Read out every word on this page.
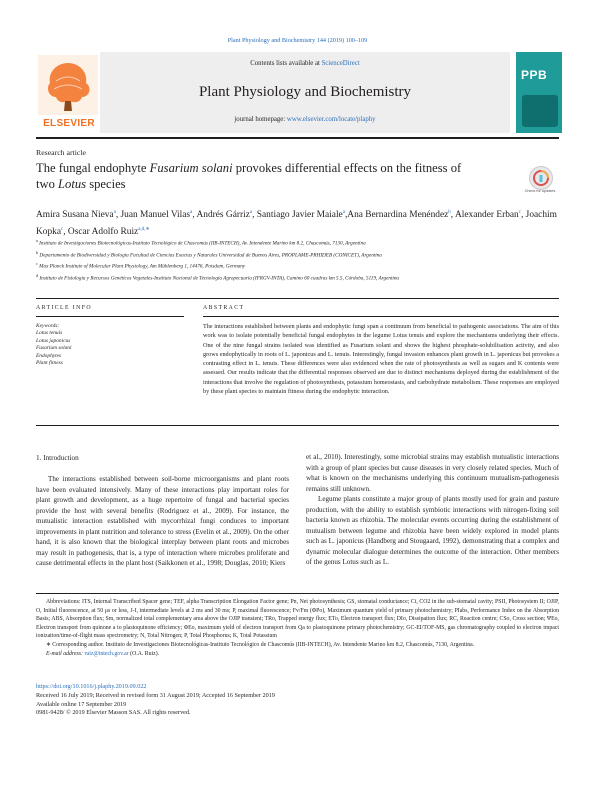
Plant Physiology and Biochemistry 144 (2019) 100–109
ELSEVIER
Contents lists available at ScienceDirect
Plant Physiology and Biochemistry
journal homepage: www.elsevier.com/locate/plaphy
PPB
Research article
The fungal endophyte Fusarium solani provokes differential effects on the fitness of two Lotus species	Check for updates
Amira Susana Nieva$^a$, Juan Manuel Vilas$^a$, Andrés Gárriz$^a$, Santiago Javier Maiale$^a$,Ana Bernardina Menéndez$^b$, Alexander Erban$^c$, Joachim Kopka$^c$, Oscar Adolfo Ruiz$^{a,d,∗}$
$^a$ Instituto de Investigaciones Biotecnológicas-Instituto Tecnológico de Chascomús (IIB-INTECH), Av. Intendente Marino km 8.2, Chascomús, 7130, Argentina
$^b$ Departamento de Biodiversidad y Biología Facultad de Ciencias Exactas y Naturales Universidad de Buenos Aires, PROPLAME-PRHIDEB (CONICET), Argentina
$^c$ Max Planck Institute of Molecular Plant Physiology, Am Mühlenberg 1, 14476, Potsdam, Germany
$^d$ Instituto de Fisiología y Recursos Genéticos Vegetales-Instituto Nacional de Tecnología Agropecuaria (IFRGV-INTA), Camino 60 cuadras km 5.5, Córdoba, 5119, Argentina
ARTICLE INFO	ABSTRACT
Keywords:
Lotus tenuis
Lotus japonicus
Fusarium solani
Endophytes
Plant fitness
The interactions established between plants and endophytic fungi span a continuum from beneficial to pathogenic associations. The aim of this work was to isolate potentially beneficial fungal endophytes in the legume Lotus tenuis and explore the mechanisms underlying their effects. One of the nine fungal strains isolated was identified as Fusarium solani and shows the highest phosphate-solubilisation activity, and also grows endophytically in roots of L. japonicus and L. tenuis. Interestingly, fungal invasion enhances plant growth in L. japonicus but provokes a contrasting effect in L. tenuis. These differences were also evidenced when the rate of photosynthesis as well as sugars and K contents were assessed. Our results indicate that the differential responses observed are due to distinct mechanisms deployed during the establishment of the interactions that involve the regulation of photosynthesis, potassium homeostasis, and carbohydrate metabolism. These responses are employed by these plant species to maintain fitness during the endophytic interaction.
1. Introduction

The interactions established between soil-borne microorganisms and plant roots have been evaluated intensively. Many of these interactions play important roles for plant growth and development, as a huge repertoire of fungal and bacterial species provide the host with several benefits (Rodriguez et al., 2009). For instance, the mutualistic interaction established with mycorrhizal fungi conduces to important improvements in plant nutrition and tolerance to stress (Evelin et al., 2009). On the other hand, it is also known that the biological interplay between plant roots and microbes may result in pathogenesis, that is, a type of interaction where microbes proliferate and cause detrimental effects in the plant host (Saikkonen et al., 1998; Douglas, 2010; Kiers

et al., 2010). Interestingly, some microbial strains may establish mutualistic interactions with a group of plant species but cause diseases in very closely related species. Much of what is known on the mechanisms underlying this continuum mutualism-pathogenesis remains still unknown.

Legume plants constitute a major group of plants mostly used for grain and pasture production, with the ability to establish symbiotic interactions with nitrogen-fixing soil bacteria known as rhizobia. The molecular events occurring during the establishment of mutualism between legume and rhizobia have been widely explored in model plants such as L. japonicus (Handberg and Stougaard, 1992), demonstrating that a complex and dynamic molecular dialogue determines the outcome of the interaction. Other members of the genus Lotus such as L.

Abbreviations: ITS, Internal Transcribed Spacer gene; TEF, alpha Transcription Elongation Factor gene; Pn, Net photosynthesis; GS, stomatal conductance; Ci, CO2 in the sub-stomatal cavity; PSII, Photosystem II; OJIP, O, Initial fluorescence, at 50 μs or less, J-I, intermediate levels at 2 ms and 30 ms; P, maximal fluorescence; Fv/Fm (ΦPo), Maximum quantum yield of primary photochemistry; PIabs, Performance Index on the Absorption Basis; ABS, Absorption flux; Sm, normalized total complementary area above the OJIP transient; TRo, Trapped energy flux; ETo, Electron transport flux; DIo, Dissipation flux; RC, Reaction centre; CSo, Cross section; ΨEo, Electron transport from quinone a to plastoquinone efficiency; ΦEo, maximum yield of electron transport from Qa to plastoquinone primary photochemistry; GC-EI/TOF-MS, gas chromatography coupled to electron impact ionization/time-of-flight mass spectrometry; N, Total Nitrogen; P, Total Phosphorus; K, Total Potassium

∗ Corresponding author. Instituto de Investigaciones Biotecnológicas-Instituto Tecnológico de Chascomús (IIB-INTECH), Av. Intendente Marino km 8.2, Chascomús, 7130, Argentina.

E-mail address: ruiz@intech.gov.ar (O.A. Ruiz).

https://doi.org/10.1016/j.plaphy.2019.09.022
Received 16 July 2019; Received in revised form 31 August 2019; Accepted 16 September 2019
Available online 17 September 2019
0981-9428/ © 2019 Elsevier Masson SAS. All rights reserved.
